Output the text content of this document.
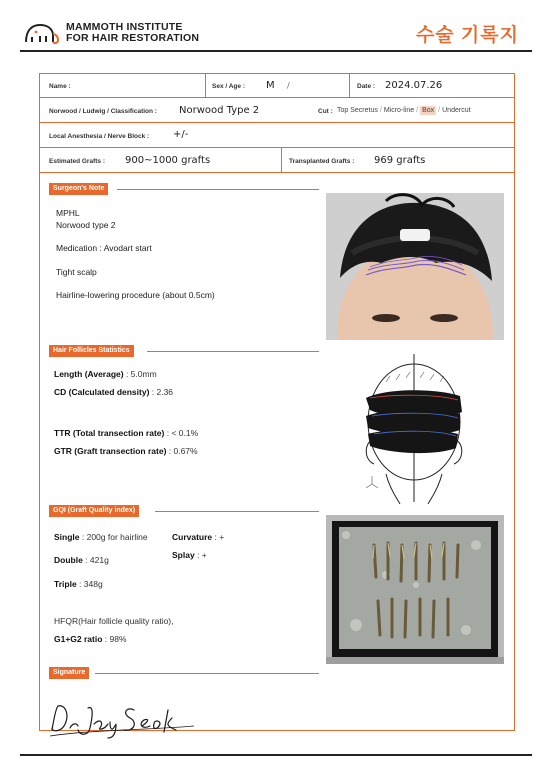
MAMMOTH INSTITUTE
FOR HAIR RESTORATION	수술 기록지
Name :	Sex / Age : M /	Date : 2024.07.26
Norwood / Ludwig / Classification : Norwood Type 2	Cut : Top Secretus / Micro-line / Box / Undercut
Local Anesthesia / Nerve Block : +/-
Estimated Grafts : 900~1000 grafts	Transplanted Grafts : 969 grafts
Surgeon's Note
MPHL
Norwood type 2
Medication : Avodart start
Tight scalp
Hairline-lowering procedure (about 0.5cm)
Hair Follicles Statistics
Length (Average) : 5.0mm
CD (Calculated density) : 2.36
TTR (Total transection rate) : < 0.1%
GTR (Graft transection rate) : 0.67%
GQI (Graft Quality index)
Single : 200g for hairline	Curvature : +
Splay : +
Double : 421g
Triple : 348g
HFQR(Hair follicle quality ratio),
G1+G2 ratio : 98%
Signature
